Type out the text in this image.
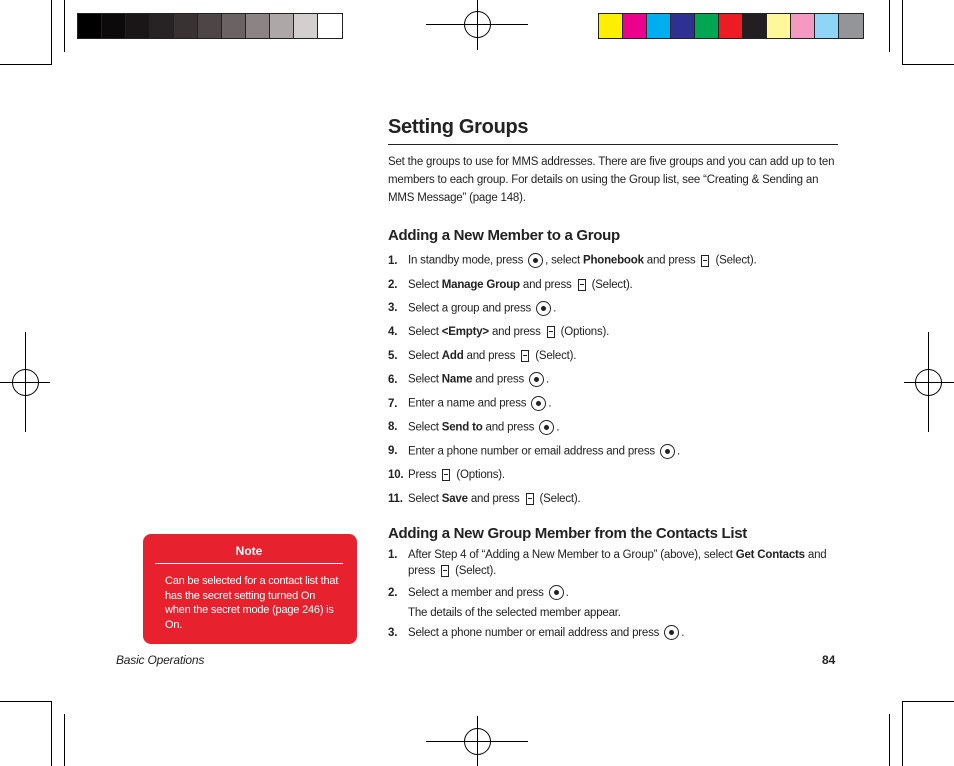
Setting Groups

Set the groups to use for MMS addresses. There are five groups and you can add up to ten members to each group. For details on using the Group list, see “Creating & Sending an MMS Message” (page 148).

Adding a New Member to a Group
1. In standby mode, press , select Phonebook and press  (Select).
2. Select Manage Group and press  (Select).
3. Select a group and press .
4. Select <Empty> and press  (Options).
5. Select Add and press  (Select).
6. Select Name and press .
7. Enter a name and press .
8. Select Send to and press .
9. Enter a phone number or email address and press .
10. Press  (Options).
11. Select Save and press  (Select).
Adding a New Group Member from the Contacts List
1. After Step 4 of “Adding a New Member to a Group” (above), select Get Contacts and press  (Select).
2. Select a member and press .
The details of the selected member appear.
3. Select a phone number or email address and press .
Note
Can be selected for a contact list that has the secret setting turned On when the secret mode (page 246) is On.
Basic Operations	84
